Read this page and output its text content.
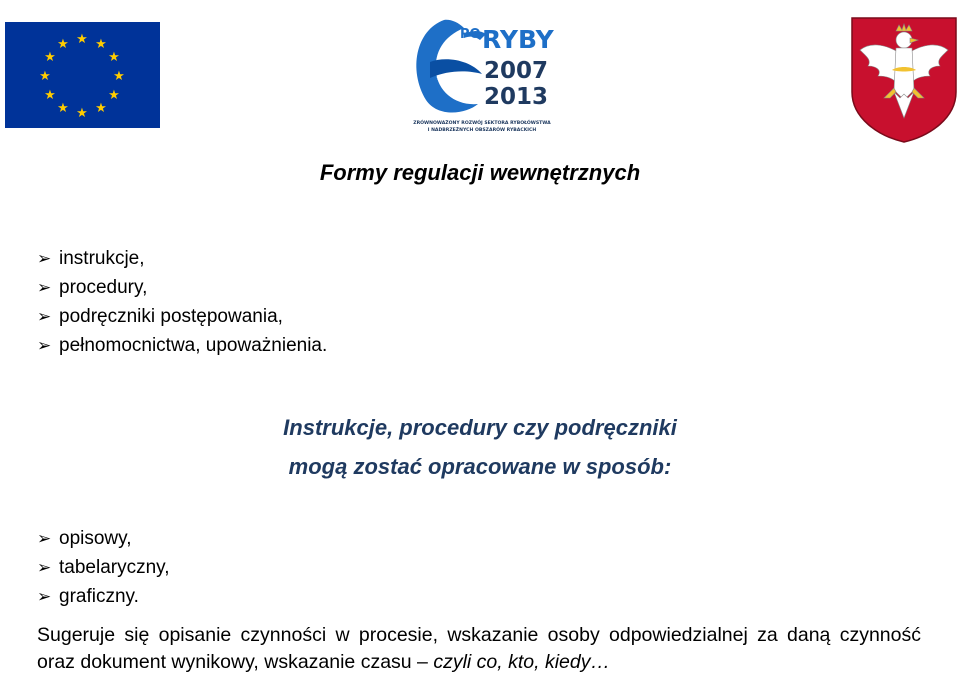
★ ★
★
★
★
★
★
★
★
★
★
★
★
★
★ ★
PO RYBY
2007
2013
ZRÓWNOWAŻONY ROZWÓJ SEKTORA RYBOŁÓWSTWA
I NADBRZEŻNYCH OBSZARÓW RYBACKICH
Formy regulacji wewnętrznych
➢ instrukcje,
➢ procedury,
➢ podręczniki postępowania,
➢ pełnomocnictwa, upoważnienia.
Instrukcje, procedury czy podręczniki
mogą zostać opracowane w sposób:
➢ opisowy,
➢ tabelaryczny,
➢ graficzny.
Sugeruje się opisanie czynności w procesie, wskazanie osoby odpowiedzialnej za daną czynność oraz dokument wynikowy, wskazanie czasu – czyli co, kto, kiedy…
